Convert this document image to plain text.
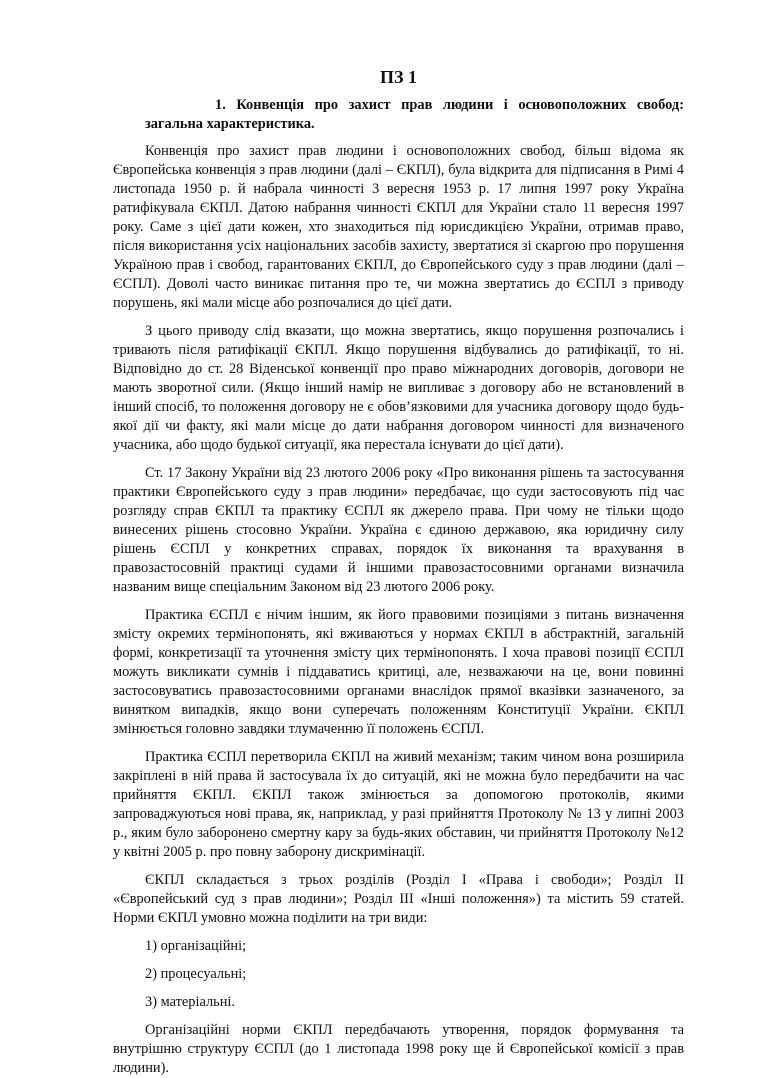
ПЗ 1
1. Конвенція про захист прав людини і основоположних свобод: загальна характеристика.

Конвенція про захист прав людини і основоположних свобод, більш відома як Європейська конвенція з прав людини (далі – ЄКПЛ), була відкрита для підписання в Римі 4 листопада 1950 р. й набрала чинності 3 вересня 1953 р. 17 липня 1997 року Україна ратифікувала ЄКПЛ. Датою набрання чинності ЄКПЛ для України стало 11 вересня 1997 року. Саме з цієї дати кожен, хто знаходиться під юрисдикцією України, отримав право, після використання усіх національних засобів захисту, звертатися зі скаргою про порушення Україною прав і свобод, гарантованих ЄКПЛ, до Європейського суду з прав людини (далі – ЄСПЛ). Доволі часто виникає питання про те, чи можна звертатись до ЄСПЛ з приводу порушень, які мали місце або розпочалися до цієї дати.

З цього приводу слід вказати, що можна звертатись, якщо порушення розпочались і тривають після ратифікації ЄКПЛ. Якщо порушення відбувались до ратифікації, то ні. Відповідно до ст. 28 Віденської конвенції про право міжнародних договорів, договори не мають зворотної сили. (Якщо інший намір не випливає з договору або не встановлений в інший спосіб, то положення договору не є обов’язковими для учасника договору щодо будь-якої дії чи факту, які мали місце до дати набрання договором чинності для визначеного учасника, або щодо будької ситуації, яка перестала існувати до цієї дати).

Ст. 17 Закону України від 23 лютого 2006 року «Про виконання рішень та застосування практики Європейського суду з прав людини» передбачає, що суди застосовують під час розгляду справ ЄКПЛ та практику ЄСПЛ як джерело права. При чому не тільки щодо винесених рішень стосовно України. Україна є єдиною державою, яка юридичну силу рішень ЄСПЛ у конкретних справах, порядок їх виконання та врахування в правозастосовній практиці судами й іншими правозастосовними органами визначила названим вище спеціальним Законом від 23 лютого 2006 року.

Практика ЄСПЛ є нічим іншим, як його правовими позиціями з питань визначення змісту окремих термінопонять, які вживаються у нормах ЄКПЛ в абстрактній, загальній формі, конкретизації та уточнення змісту цих термінопонять. І хоча правові позиції ЄСПЛ можуть викликати сумнів і піддаватись критиці, але, незважаючи на це, вони повинні застосовуватись правозастосовними органами внаслідок прямої вказівки зазначеного, за винятком випадків, якщо вони суперечать положенням Конституції України. ЄКПЛ змінюється головно завдяки тлумаченню її положень ЄСПЛ.

Практика ЄСПЛ перетворила ЄКПЛ на живий механізм; таким чином вона розширила закріплені в ній права й застосувала їх до ситуацій, які не можна було передбачити на час прийняття ЄКПЛ. ЄКПЛ також змінюється за допомогою протоколів, якими запроваджуються нові права, як, наприклад, у разі прийняття Протоколу № 13 у липні 2003 р., яким було заборонено смертну кару за будь-яких обставин, чи прийняття Протоколу №12 у квітні 2005 р. про повну заборону дискримінації.

ЄКПЛ складається з трьох розділів (Розділ І «Права і свободи»; Розділ ІІ «Європейський суд з прав людини»; Розділ ІІІ «Інші положення») та містить 59 статей. Норми ЄКПЛ умовно можна поділити на три види:

1) організаційні;
2) процесуальні;
3) матеріальні.

Організаційні норми ЄКПЛ передбачають утворення, порядок формування та внутрішню структуру ЄСПЛ (до 1 листопада 1998 року ще й Європейської комісії з прав людини).
